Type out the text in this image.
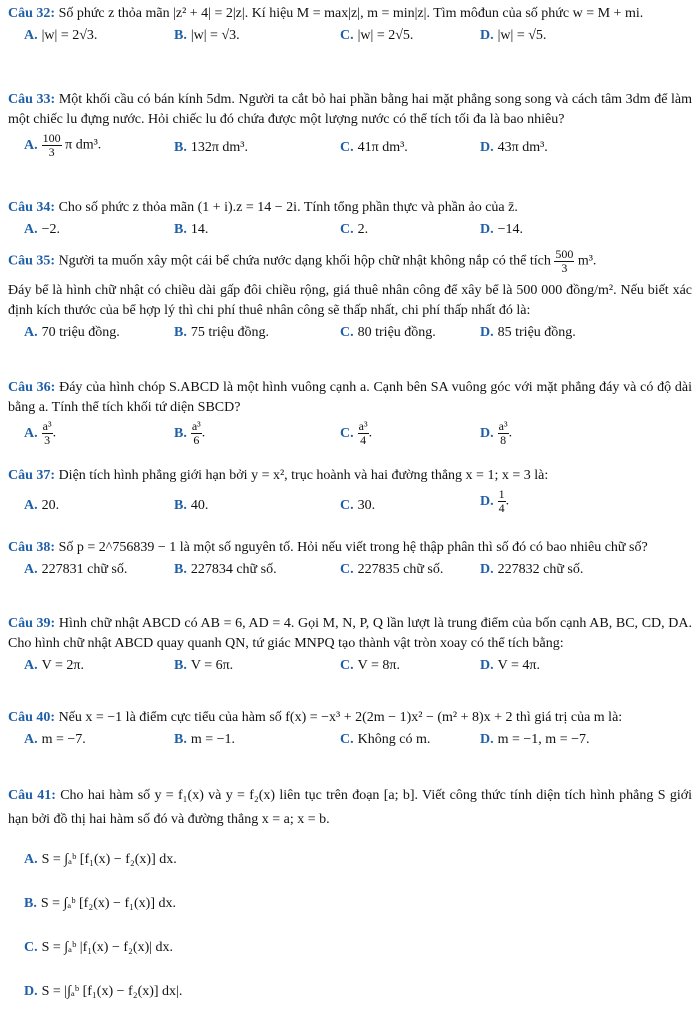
Câu 32: Số phức z thỏa mãn |z² + 4| = 2|z|. Kí hiệu M = max|z|, m = min|z|. Tìm môđun của số phức w = M + mi.
A. |w| = 2√3.	B. |w| = √3.	C. |w| = 2√5.	D. |w| = √5.
Câu 33: Một khối cầu có bán kính 5dm. Người ta cắt bỏ hai phần bằng hai mặt phẳng song song và cách tâm 3dm để làm một chiếc lu đựng nước. Hỏi chiếc lu đó chứa được một lượng nước có thể tích tối đa là bao nhiêu?
A. $\frac{100}{3}$ π dm³.	B. 132π dm³.	C. 41π dm³.	D. 43π dm³.
Câu 34: Cho số phức z thỏa mãn (1 + i).z = 14 − 2i. Tính tổng phần thực và phần ảo của z̄.
A. −2.	B. 14.	C. 2.	D. −14.
Câu 35: Người ta muốn xây một cái bể chứa nước dạng khối hộp chữ nhật không nắp có thể tích $\frac{500}{3} m^3$.
Đáy bể là hình chữ nhật có chiều dài gấp đôi chiều rộng, giá thuê nhân công để xây bể là 500 000 đồng/m². Nếu biết xác định kích thước của bể hợp lý thì chi phí thuê nhân công sẽ thấp nhất, chi phí thấp nhất đó là:
A. 70 triệu đồng.	B. 75 triệu đồng.	C. 80 triệu đồng.	D. 85 triệu đồng.
Câu 36: Đáy của hình chóp S.ABCD là một hình vuông cạnh a. Cạnh bên SA vuông góc với mặt phẳng đáy và có độ dài bằng a. Tính thể tích khối tứ diện SBCD?
A. $\frac{\text{a³}}{3}$ .	B. $\frac{\text{a³}}{6}$ .	C. $\frac{\text{a³}}{4}$ .	D. $\frac{\text{a³}}{8}$ .
Câu 37: Diện tích hình phẳng giới hạn bởi y = x², trục hoành và hai đường thẳng x = 1; x = 3 là:
A. 20.	B. 40.	C. 30.	D. $\frac{1}{4}$ .
Câu 38: Số p = 2^756839 − 1 là một số nguyên tố. Hỏi nếu viết trong hệ thập phân thì số đó có bao nhiêu chữ số?
A. 227831 chữ số.	B. 227834 chữ số.	C. 227835 chữ số.	D. 227832 chữ số.
Câu 39: Hình chữ nhật ABCD có AB = 6, AD = 4. Gọi M, N, P, Q lần lượt là trung điểm của bốn cạnh AB, BC, CD, DA. Cho hình chữ nhật ABCD quay quanh QN, tứ giác MNPQ tạo thành vật tròn xoay có thể tích bằng:
A. V = 2π.	B. V = 6π.	C. V = 8π.	D. V = 4π.
Câu 40: Nếu x = −1 là điểm cực tiểu của hàm số f(x) = −x³ + 2(2m − 1)x² − (m² + 8)x + 2 thì giá trị của m là:
A. m = −7.	B. m = −1.	C. Không có m.	D. m = −1, m = −7.
Câu 41: Cho hai hàm số y = f₁(x) và y = f₂(x) liên tục trên đoạn [a; b]. Viết công thức tính diện tích hình phẳng S giới hạn bởi đồ thị hai hàm số đó và đường thẳng x = a; x = b.
A. S = ∫ₐᵇ [f₁(x) − f₂(x)] dx.
B. S = ∫ₐᵇ [f₂(x) − f₁(x)] dx.
C. S = ∫ₐᵇ |f₁(x) − f₂(x)| dx.
D. S = |∫ₐᵇ [f₁(x) − f₂(x)] dx|.
